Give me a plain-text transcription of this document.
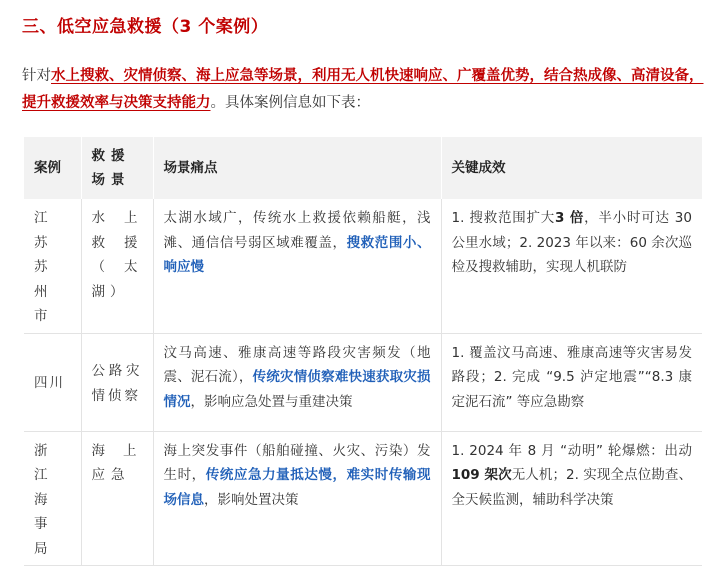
三、低空应急救援（3 个案例）
针对水上搜救、灾情侦察、海上应急等场景，利用无人机快速响应、广覆盖优势，结合热成像、高清设备，提升救援效率与决策支持能力。具体案例信息如下表：
案例	救援场景	场景痛点	关键成效
江苏苏州市	水上救援（太湖）	太湖水域广，传统水上救援依赖船艇，浅滩、通信信号弱区域难覆盖，搜救范围小、响应慢	1. 搜救范围扩大3 倍，半小时可达 30 公里水域；2. 2023 年以来：60 余次巡检及搜救辅助，实现人机联防
四川	公路灾情侦察	汶马高速、雅康高速等路段灾害频发（地震、泥石流），传统灾情侦察难快速获取灾损情况，影响应急处置与重建决策	1. 覆盖汶马高速、雅康高速等灾害易发路段；2. 完成 “9.5 泸定地震”“8.3 康定泥石流” 等应急勘察
浙江海事局	海上应急	海上突发事件（船舶碰撞、火灾、污染）发生时，传统应急力量抵达慢，难实时传输现场信息，影响处置决策	1. 2024 年 8 月 “动明” 轮爆燃：出动109 架次无人机；2. 实现全点位勘查、全天候监测，辅助科学决策
